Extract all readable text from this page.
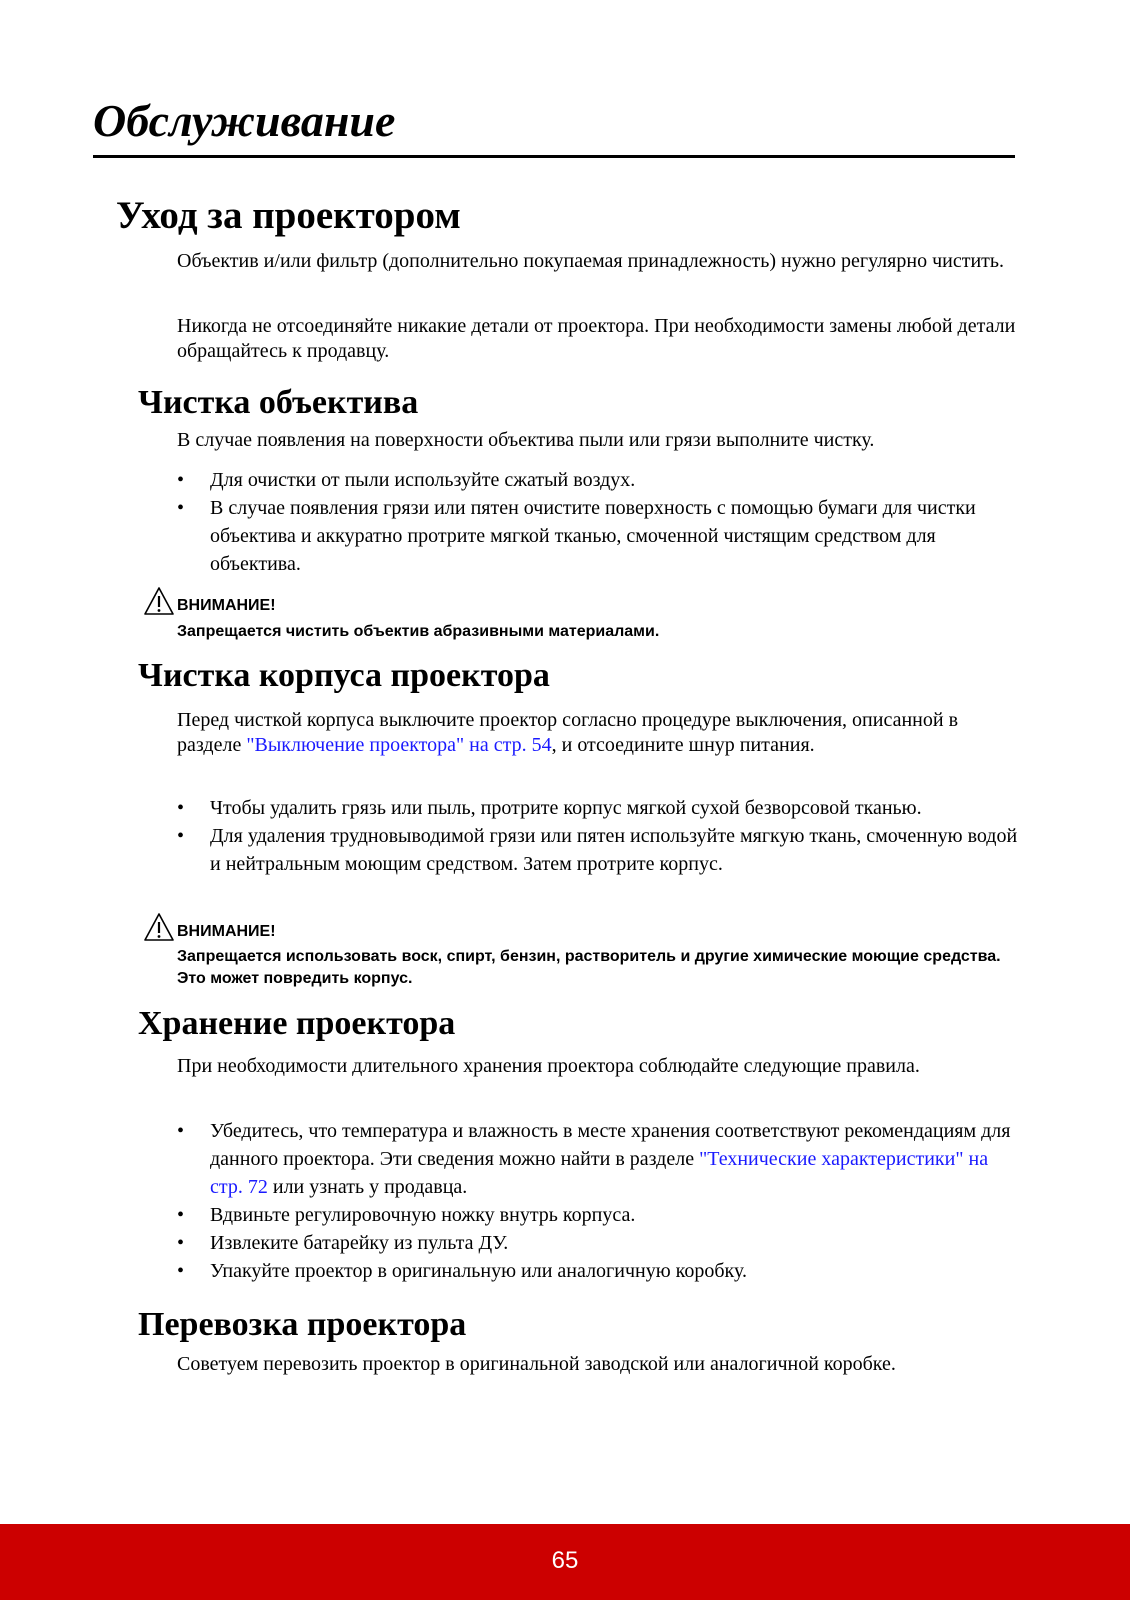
Обслуживание
Уход за проектором

Объектив и/или фильтр (дополнительно покупаемая принадлежность) нужно регулярно чистить.

Никогда не отсоединяйте никакие детали от проектора. При необходимости замены любой детали обращайтесь к продавцу.

Чистка объектива

В случае появления на поверхности объектива пыли или грязи выполните чистку.

• Для очистки от пыли используйте сжатый воздух.
• В случае появления грязи или пятен очистите поверхность с помощью бумаги для чистки объектива и аккуратно протрите мягкой тканью, смоченной чистящим средством для объектива.
ВНИМАНИЕ!

Запрещается чистить объектив абразивными материалами.

Чистка корпуса проектора

Перед чисткой корпуса выключите проектор согласно процедуре выключения, описанной в разделе "Выключение проектора" на стр. 54, и отсоедините шнур питания.

• Чтобы удалить грязь или пыль, протрите корпус мягкой сухой безворсовой тканью.
• Для удаления трудновыводимой грязи или пятен используйте мягкую ткань, смоченную водой и нейтральным моющим средством. Затем протрите корпус.
ВНИМАНИЕ!

Запрещается использовать воск, спирт, бензин, растворитель и другие химические моющие средства. Это может повредить корпус.

Хранение проектора

При необходимости длительного хранения проектора соблюдайте следующие правила.

• Убедитесь, что температура и влажность в месте хранения соответствуют рекомендациям для данного проектора. Эти сведения можно найти в разделе "Технические характеристики" на стр. 72 или узнать у продавца.
• Вдвиньте регулировочную ножку внутрь корпуса.
• Извлеките батарейку из пульта ДУ.
• Упакуйте проектор в оригинальную или аналогичную коробку.
Перевозка проектора

Советуем перевозить проектор в оригинальной заводской или аналогичной коробке.

65
